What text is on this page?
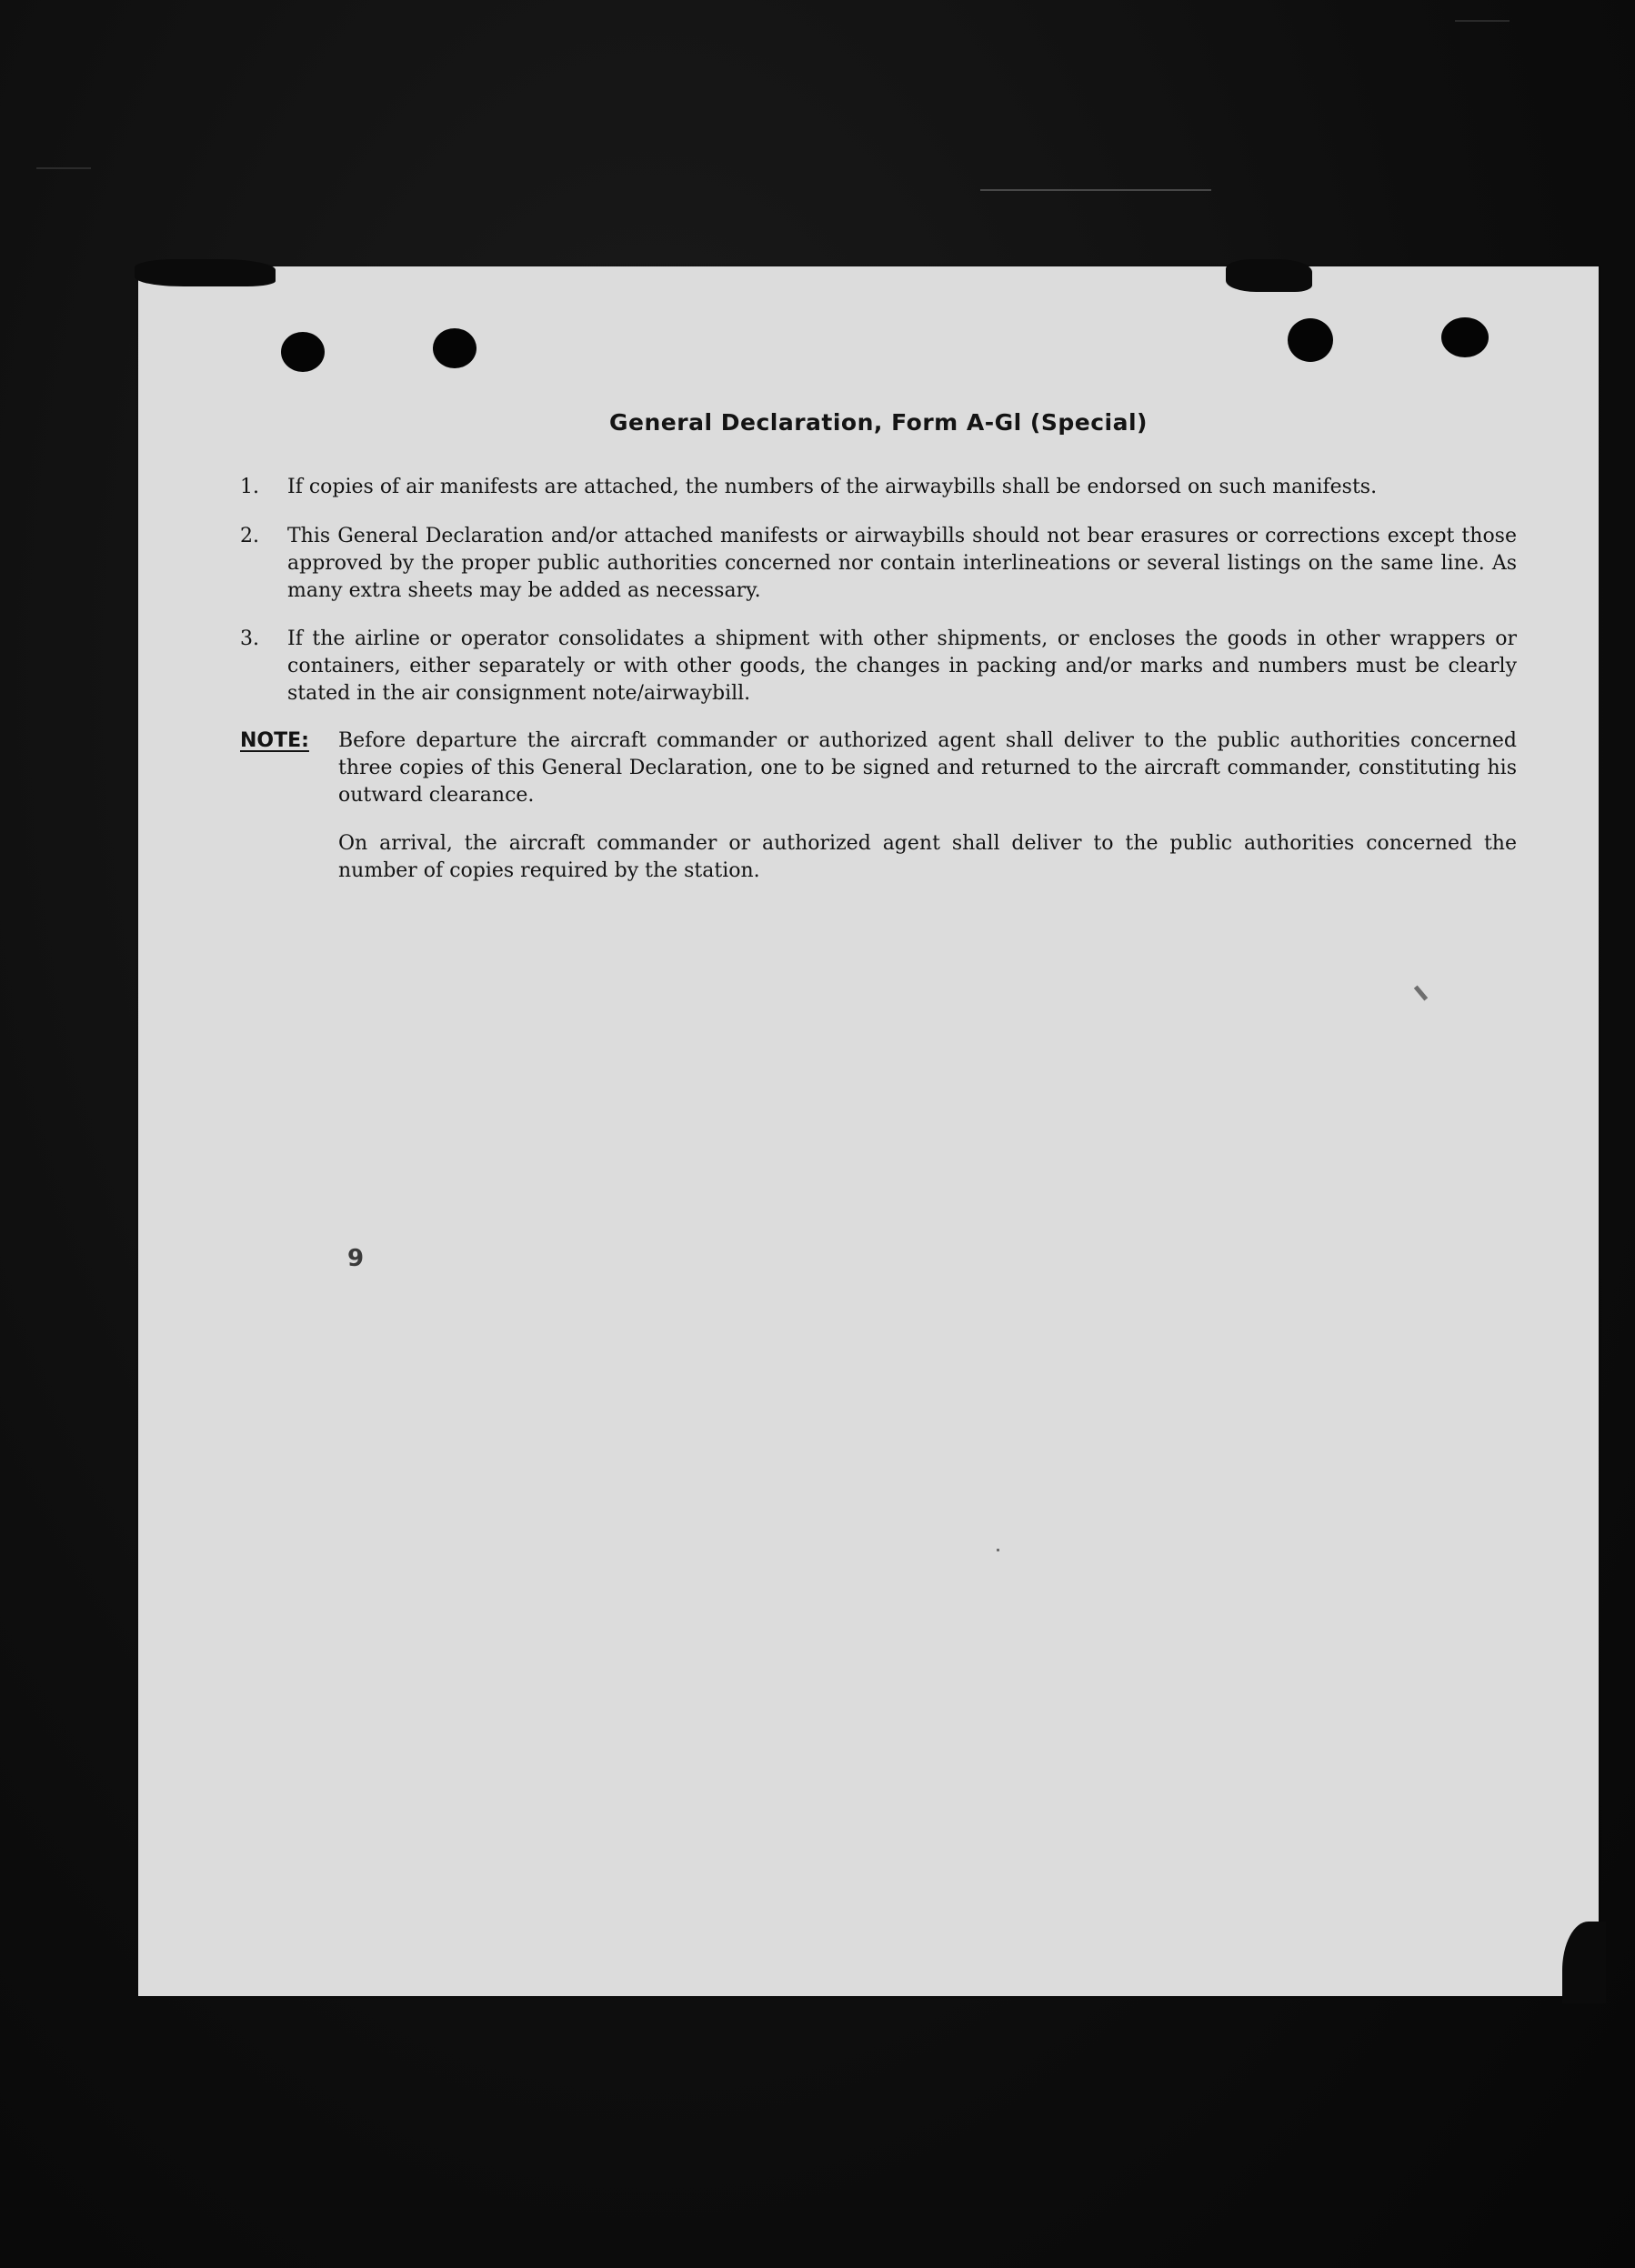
General Declaration, Form A-Gl (Special)
1.	If copies of air manifests are attached, the numbers of the airwaybills shall be endorsed on such manifests.
2.	This General Declaration and/or attached manifests or airwaybills should not bear erasures or corrections except those approved by the proper public authorities concerned nor contain interlineations or several listings on the same line. As many extra sheets may be added as necessary.
3.	If the airline or operator consolidates a shipment with other shipments, or encloses the goods in other wrappers or containers, either separately or with other goods, the changes in packing and/or marks and numbers must be clearly stated in the air consignment note/airwaybill.
NOTE: Before departure the aircraft commander or authorized agent shall deliver to the public authorities concerned three copies of this General Declaration, one to be signed and returned to the aircraft commander, constituting his outward clearance.
On arrival, the aircraft commander or authorized agent shall deliver to the public authorities concerned the number of copies required by the station.
9
